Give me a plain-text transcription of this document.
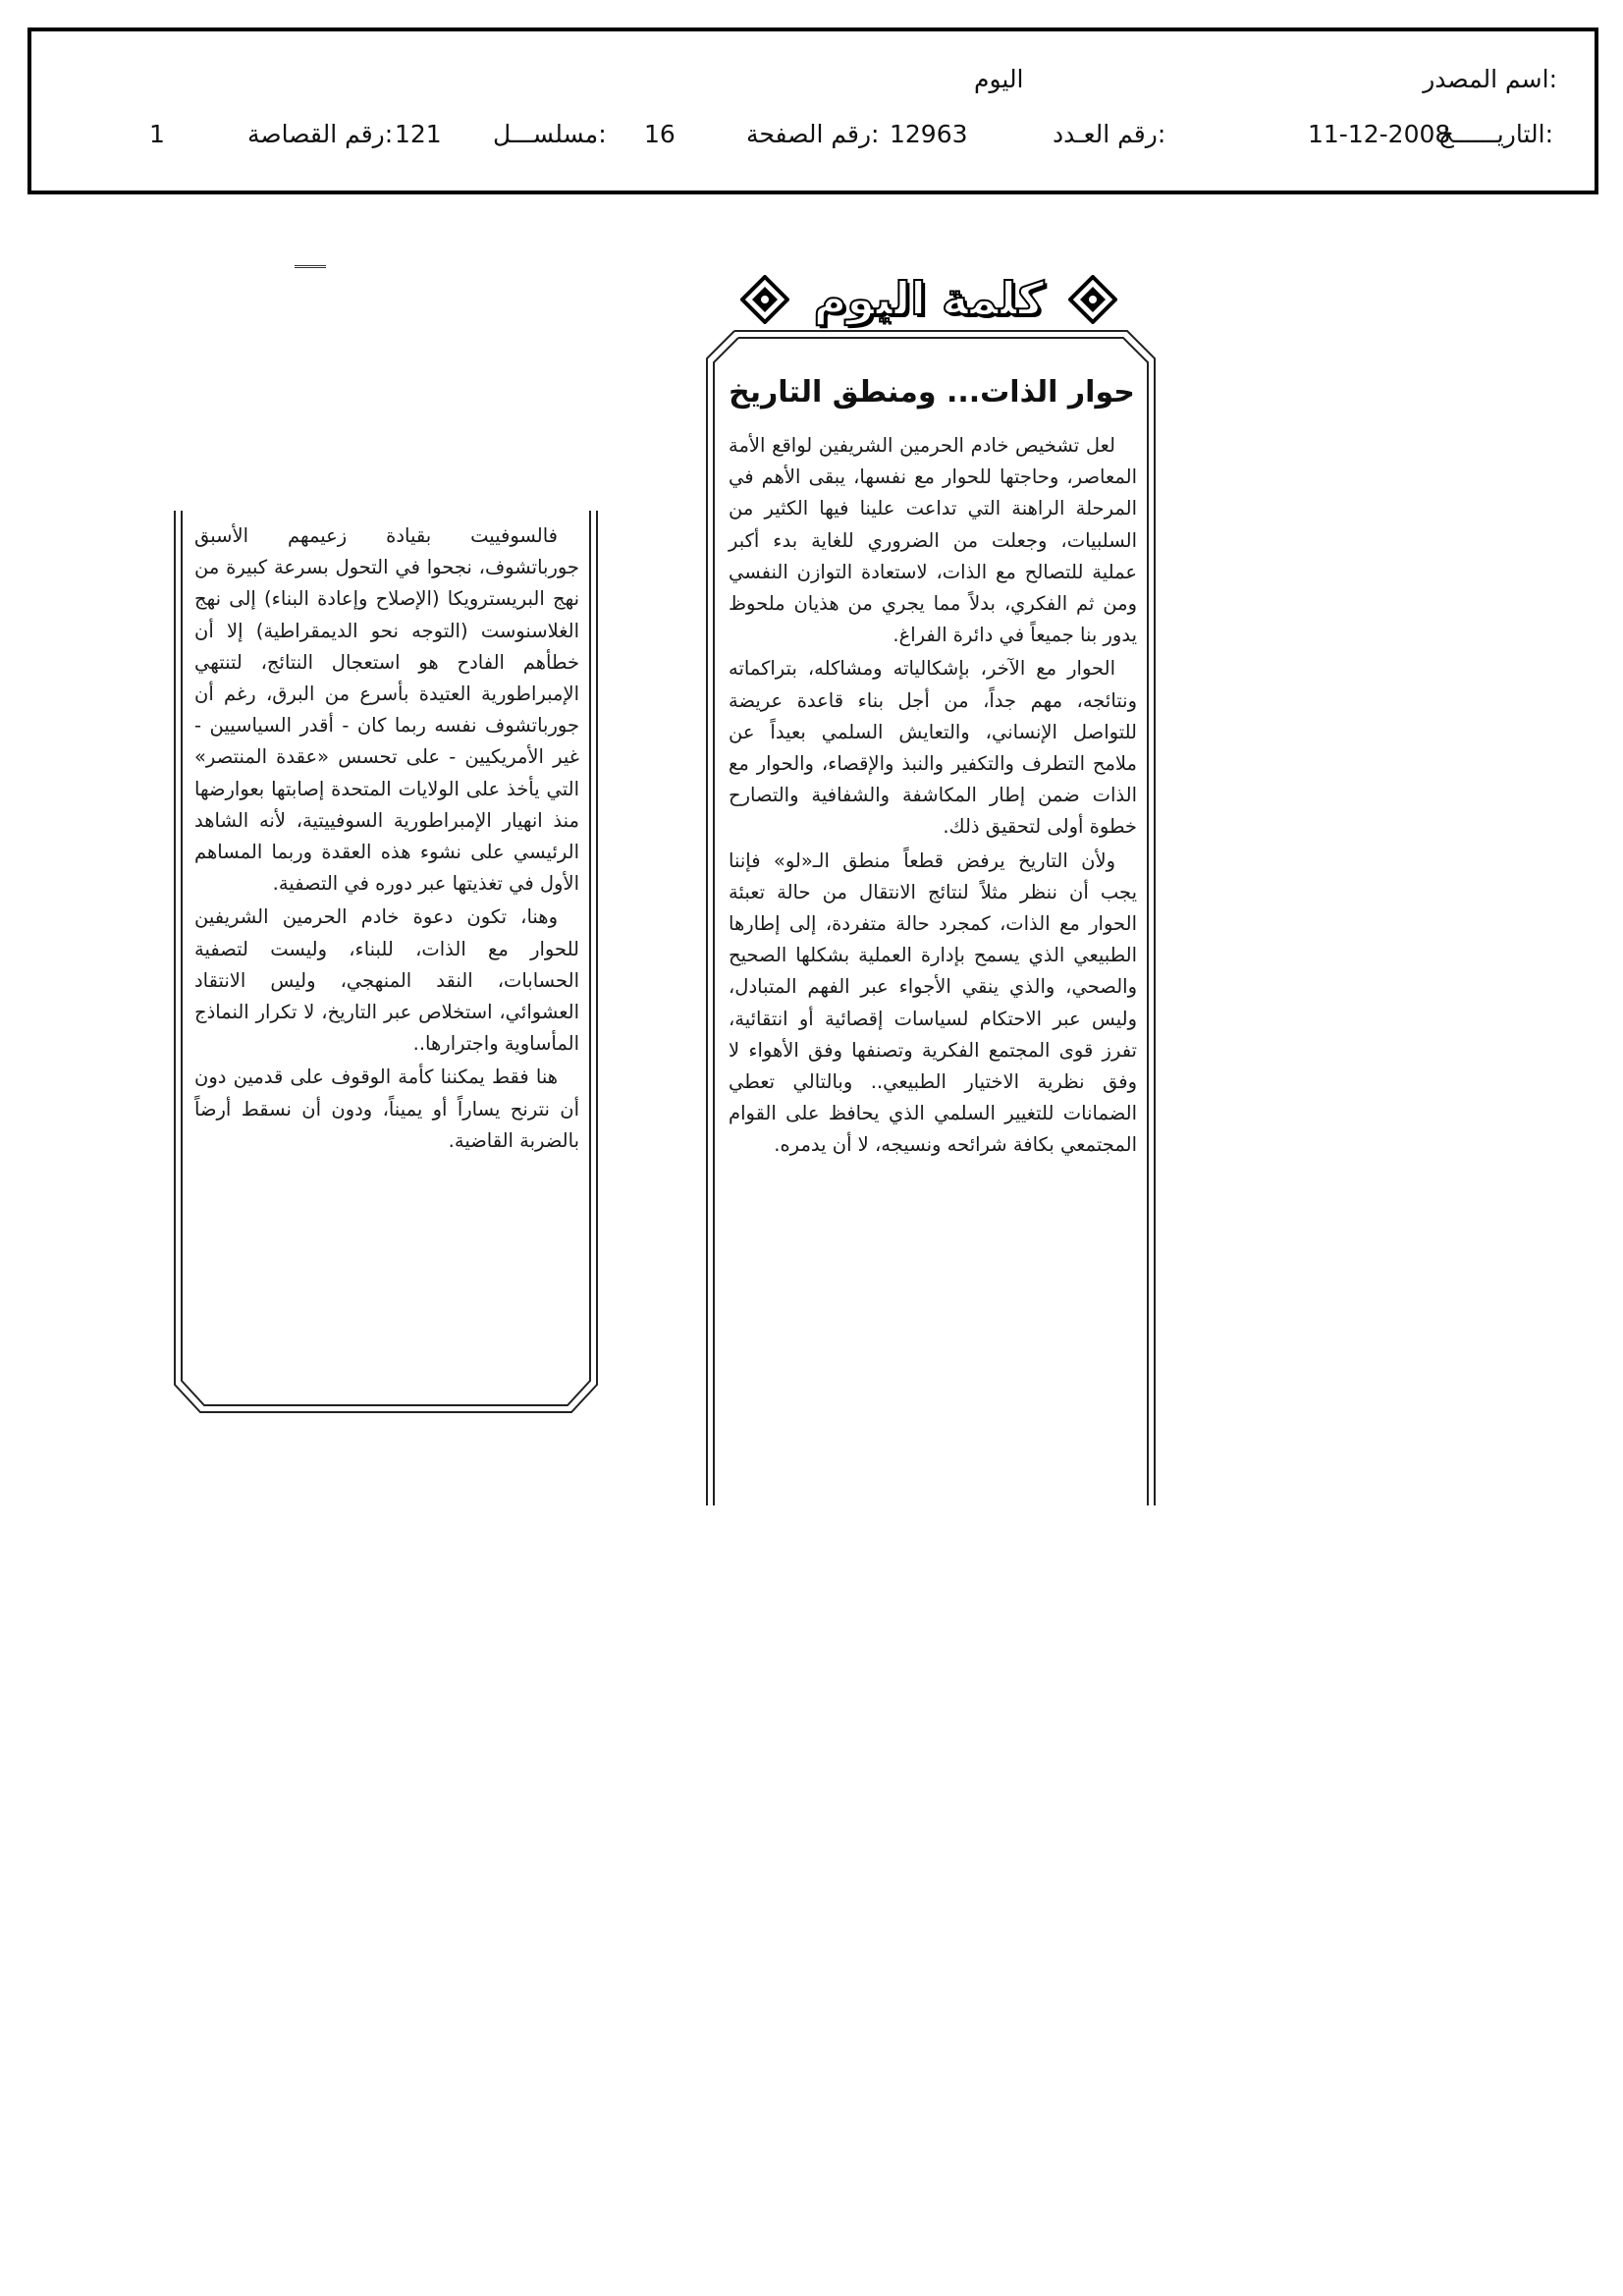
اسم المصدر:
اليوم
التاريــــــخ:
11-12-2008
رقم العـدد:
12963
رقم الصفحة:
16
مسلســـل:
121
رقم القصاصة:
1
كلمة اليوم
حوار الذات... ومنطق التاريخ

لعل تشخيص خادم الحرمين الشريفين لواقع الأمة المعاصر، وحاجتها للحوار مع نفسها، يبقى الأهم في المرحلة الراهنة التي تداعت علينا فيها الكثير من السلبيات، وجعلت من الضروري للغاية بدء أكبر عملية للتصالح مع الذات، لاستعادة التوازن النفسي ومن ثم الفكري، بدلاً مما يجري من هذيان ملحوظ يدور بنا جميعاً في دائرة الفراغ.

الحوار مع الآخر، بإشكالياته ومشاكله، بتراكماته ونتائجه، مهم جداً، من أجل بناء قاعدة عريضة للتواصل الإنساني، والتعايش السلمي بعيداً عن ملامح التطرف والتكفير والنبذ والإقصاء، والحوار مع الذات ضمن إطار المكاشفة والشفافية والتصارح خطوة أولى لتحقيق ذلك.

ولأن التاريخ يرفض قطعاً منطق الـ«لو» فإننا يجب أن ننظر مثلاً لنتائج الانتقال من حالة تعبئة الحوار مع الذات، كمجرد حالة متفردة، إلى إطارها الطبيعي الذي يسمح بإدارة العملية بشكلها الصحيح والصحي، والذي ينقي الأجواء عبر الفهم المتبادل، وليس عبر الاحتكام لسياسات إقصائية أو انتقائية، تفرز قوى المجتمع الفكرية وتصنفها وفق الأهواء لا وفق نظرية الاختيار الطبيعي.. وبالتالي تعطي الضمانات للتغيير السلمي الذي يحافظ على القوام المجتمعي بكافة شرائحه ونسيجه، لا أن يدمره.

فالسوفييت بقيادة زعيمهم الأسبق جورباتشوف، نجحوا في التحول بسرعة كبيرة من نهج البريسترويكا (الإصلاح وإعادة البناء) إلى نهج الغلاسنوست (التوجه نحو الديمقراطية) إلا أن خطأهم الفادح هو استعجال النتائج، لتنتهي الإمبراطورية العتيدة بأسرع من البرق، رغم أن جورباتشوف نفسه ربما كان - أقدر السياسيين - غير الأمريكيين - على تحسس «عقدة المنتصر» التي يأخذ على الولايات المتحدة إصابتها بعوارضها منذ انهيار الإمبراطورية السوفييتية، لأنه الشاهد الرئيسي على نشوء هذه العقدة وربما المساهم الأول في تغذيتها عبر دوره في التصفية.

وهنا، تكون دعوة خادم الحرمين الشريفين للحوار مع الذات، للبناء، وليست لتصفية الحسابات، النقد المنهجي، وليس الانتقاد العشوائي، استخلاص عبر التاريخ، لا تكرار النماذج المأساوية واجترارها..

هنا فقط يمكننا كأمة الوقوف على قدمين دون أن نترنح يساراً أو يميناً، ودون أن نسقط أرضاً بالضربة القاضية.
